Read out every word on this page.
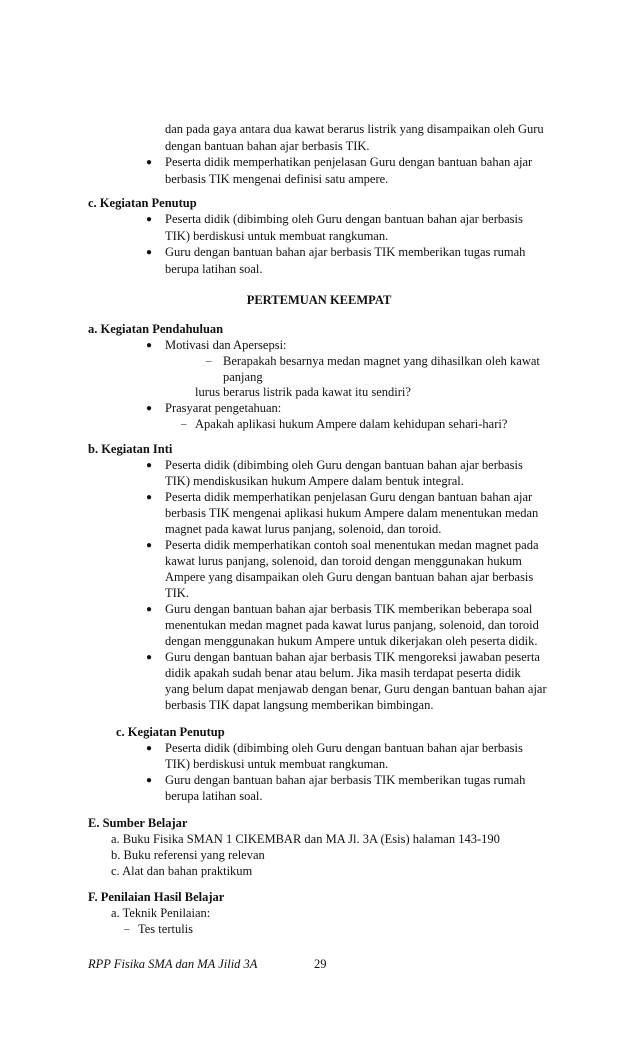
dan pada gaya antara dua kawat berarus listrik yang disampaikan oleh Guru
dengan bantuan bahan ajar berbasis TIK.
● Peserta didik memperhatikan penjelasan Guru dengan bantuan bahan ajar
berbasis TIK mengenai definisi satu ampere.
c. Kegiatan Penutup
● Peserta didik (dibimbing oleh Guru dengan bantuan bahan ajar berbasis
TIK) berdiskusi untuk membuat rangkuman.
● Guru dengan bantuan bahan ajar berbasis TIK memberikan tugas rumah
berupa latihan soal.
PERTEMUAN KEEMPAT
a. Kegiatan Pendahuluan
● Motivasi dan Apersepsi:
– Berapakah besarnya medan magnet yang dihasilkan oleh kawat
panjang
lurus berarus listrik pada kawat itu sendiri?
● Prasyarat pengetahuan:
– Apakah aplikasi hukum Ampere dalam kehidupan sehari-hari?
b. Kegiatan Inti
● Peserta didik (dibimbing oleh Guru dengan bantuan bahan ajar berbasis
TIK) mendiskusikan hukum Ampere dalam bentuk integral.
● Peserta didik memperhatikan penjelasan Guru dengan bantuan bahan ajar
berbasis TIK mengenai aplikasi hukum Ampere dalam menentukan medan
magnet pada kawat lurus panjang, solenoid, dan toroid.
● Peserta didik memperhatikan contoh soal menentukan medan magnet pada
kawat lurus panjang, solenoid, dan toroid dengan menggunakan hukum
Ampere yang disampaikan oleh Guru dengan bantuan bahan ajar berbasis
TIK.
● Guru dengan bantuan bahan ajar berbasis TIK memberikan beberapa soal
menentukan medan magnet pada kawat lurus panjang, solenoid, dan toroid
dengan menggunakan hukum Ampere untuk dikerjakan oleh peserta didik.
● Guru dengan bantuan bahan ajar berbasis TIK mengoreksi jawaban peserta
didik apakah sudah benar atau belum. Jika masih terdapat peserta didik
yang belum dapat menjawab dengan benar, Guru dengan bantuan bahan ajar
berbasis TIK dapat langsung memberikan bimbingan.
c. Kegiatan Penutup
● Peserta didik (dibimbing oleh Guru dengan bantuan bahan ajar berbasis
TIK) berdiskusi untuk membuat rangkuman.
● Guru dengan bantuan bahan ajar berbasis TIK memberikan tugas rumah
berupa latihan soal.
E. Sumber Belajar
a. Buku Fisika SMAN 1 CIKEMBAR dan MA Jl. 3A (Esis) halaman 143-190
b. Buku referensi yang relevan
c. Alat dan bahan praktikum
F. Penilaian Hasil Belajar
a. Teknik Penilaian:
– Tes tertulis
RPP Fisika SMA dan MA Jilid 3A	29
